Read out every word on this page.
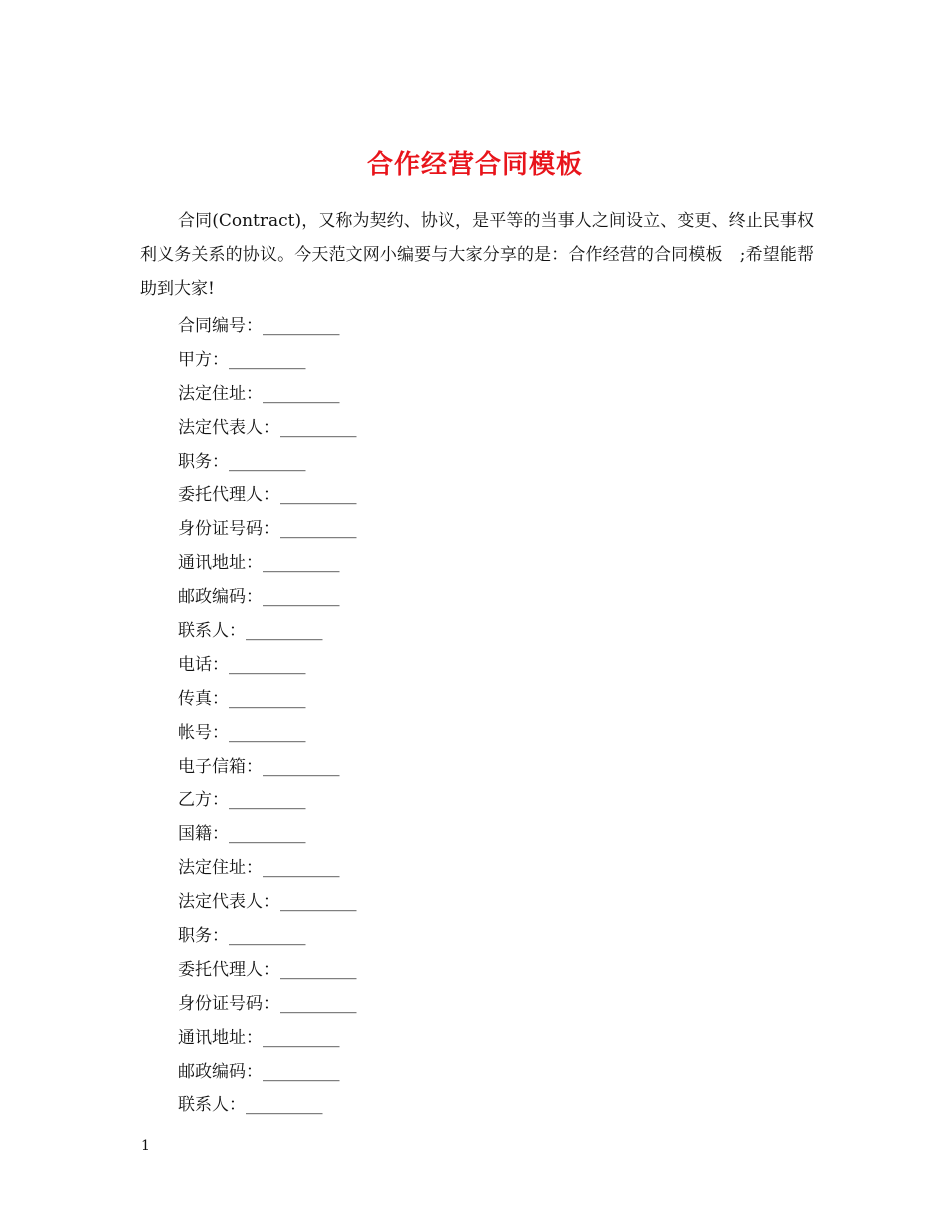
合作经营合同模板

合同(Contract)，又称为契约、协议，是平等的当事人之间设立、变更、终止民事权利义务关系的协议。今天范文网小编要与大家分享的是：合作经营的合同模板　;希望能帮助到大家!

合同编号：_________
甲方：_________
法定住址：_________
法定代表人：_________
职务：_________
委托代理人：_________
身份证号码：_________
通讯地址：_________
邮政编码：_________
联系人：_________
电话：_________
传真：_________
帐号：_________
电子信箱：_________
乙方：_________
国籍：_________
法定住址：_________
法定代表人：_________
职务：_________
委托代理人：_________
身份证号码：_________
通讯地址：_________
邮政编码：_________
联系人：_________
1
